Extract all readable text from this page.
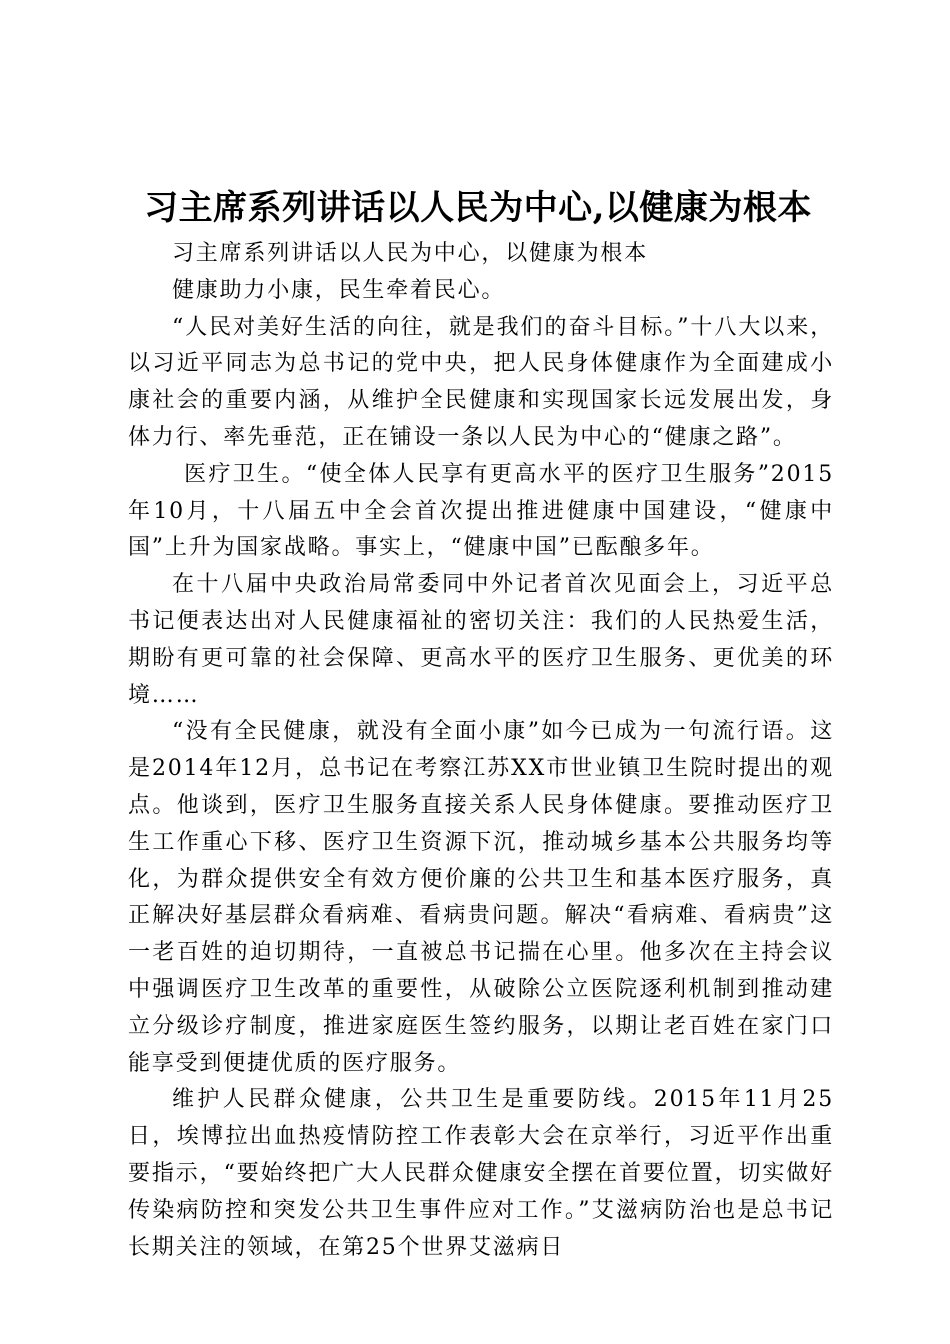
习主席系列讲话以人民为中心,以健康为根本

习主席系列讲话以人民为中心，以健康为根本

健康助力小康，民生牵着民心。

“人民对美好生活的向往，就是我们的奋斗目标。”十八大以来，以习近平同志为总书记的党中央，把人民身体健康作为全面建成小康社会的重要内涵，从维护全民健康和实现国家长远发展出发，身体力行、率先垂范，正在铺设一条以人民为中心的“健康之路”。

医疗卫生。“使全体人民享有更高水平的医疗卫生服务”2015年10月，十八届五中全会首次提出推进健康中国建设，“健康中国”上升为国家战略。事实上，“健康中国”已酝酿多年。

在十八届中央政治局常委同中外记者首次见面会上，习近平总书记便表达出对人民健康福祉的密切关注：我们的人民热爱生活，期盼有更可靠的社会保障、更高水平的医疗卫生服务、更优美的环境……

“没有全民健康，就没有全面小康”如今已成为一句流行语。这是2014年12月，总书记在考察江苏XX市世业镇卫生院时提出的观点。他谈到，医疗卫生服务直接关系人民身体健康。要推动医疗卫生工作重心下移、医疗卫生资源下沉，推动城乡基本公共服务均等化，为群众提供安全有效方便价廉的公共卫生和基本医疗服务，真正解决好基层群众看病难、看病贵问题。解决“看病难、看病贵”这一老百姓的迫切期待，一直被总书记揣在心里。他多次在主持会议中强调医疗卫生改革的重要性，从破除公立医院逐利机制到推动建立分级诊疗制度，推进家庭医生签约服务，以期让老百姓在家门口能享受到便捷优质的医疗服务。

维护人民群众健康，公共卫生是重要防线。2015年11月25日，埃博拉出血热疫情防控工作表彰大会在京举行，习近平作出重要指示，“要始终把广大人民群众健康安全摆在首要位置，切实做好传染病防控和突发公共卫生事件应对工作。”艾滋病防治也是总书记长期关注的领域，在第25个世界艾滋病日
